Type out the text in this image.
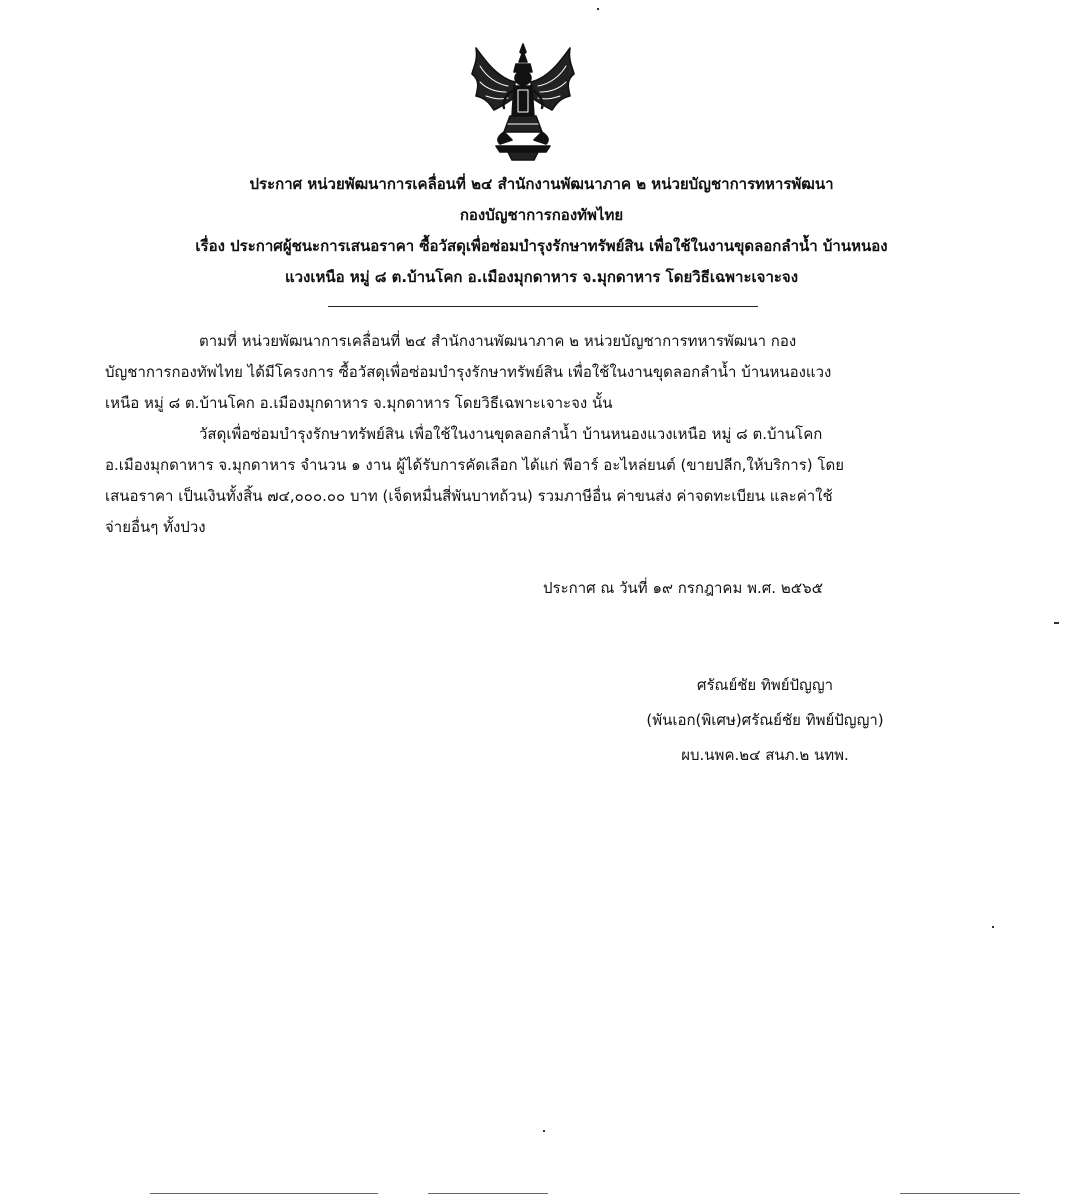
ประกาศ หน่วยพัฒนาการเคลื่อนที่ ๒๔ สำนักงานพัฒนาภาค ๒ หน่วยบัญชาการทหารพัฒนา
กองบัญชาการกองทัพไทย
เรื่อง ประกาศผู้ชนะการเสนอราคา ซื้อวัสดุเพื่อซ่อมบำรุงรักษาทรัพย์สิน เพื่อใช้ในงานขุดลอกลำน้ำ บ้านหนอง
แวงเหนือ หมู่ ๘ ต.บ้านโคก อ.เมืองมุกดาหาร จ.มุกดาหาร โดยวิธีเฉพาะเจาะจง
ตามที่ หน่วยพัฒนาการเคลื่อนที่ ๒๔ สำนักงานพัฒนาภาค ๒ หน่วยบัญชาการทหารพัฒนา กอง
บัญชาการกองทัพไทย ได้มีโครงการ ซื้อวัสดุเพื่อซ่อมบำรุงรักษาทรัพย์สิน เพื่อใช้ในงานขุดลอกลำน้ำ บ้านหนองแวง
เหนือ หมู่ ๘ ต.บ้านโคก อ.เมืองมุกดาหาร จ.มุกดาหาร โดยวิธีเฉพาะเจาะจง นั้น
วัสดุเพื่อซ่อมบำรุงรักษาทรัพย์สิน เพื่อใช้ในงานขุดลอกลำน้ำ บ้านหนองแวงเหนือ หมู่ ๘ ต.บ้านโคก
อ.เมืองมุกดาหาร จ.มุกดาหาร จำนวน ๑ งาน ผู้ได้รับการคัดเลือก ได้แก่ พีอาร์ อะไหล่ยนต์ (ขายปลีก,ให้บริการ) โดย
เสนอราคา เป็นเงินทั้งสิ้น ๗๔,๐๐๐.๐๐ บาท (เจ็ดหมื่นสี่พันบาทถ้วน) รวมภาษีอื่น ค่าขนส่ง ค่าจดทะเบียน และค่าใช้
จ่ายอื่นๆ ทั้งปวง
ประกาศ ณ วันที่ ๑๙ กรกฎาคม พ.ศ. ๒๕๖๕
ศรัณย์ชัย ทิพย์ปัญญา
(พันเอก(พิเศษ)ศรัณย์ชัย ทิพย์ปัญญา)
ผบ.นพค.๒๔ สนภ.๒ นทพ.
